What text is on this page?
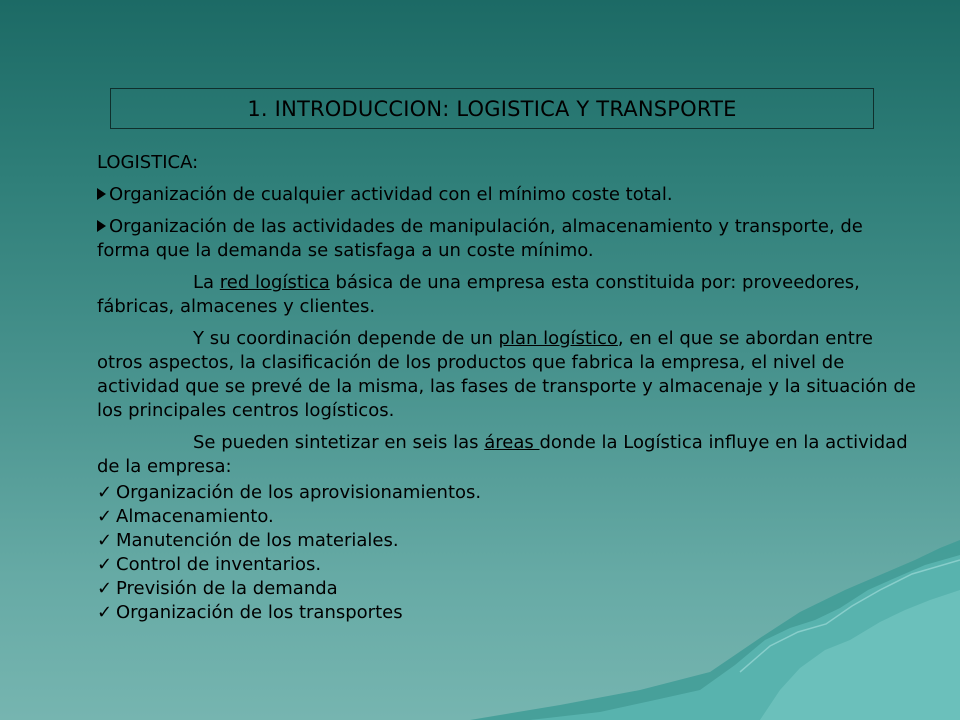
1. INTRODUCCION: LOGISTICA Y TRANSPORTE
LOGISTICA:
Organización de cualquier actividad con el mínimo coste total.
Organización de las actividades de manipulación, almacenamiento y transporte, de forma que la demanda se satisfaga a un coste mínimo.
La red logística básica de una empresa esta constituida por: proveedores, fábricas, almacenes y clientes.
Y su coordinación depende de un plan logístico, en el que se abordan entre otros aspectos, la clasificación de los productos que fabrica la empresa, el nivel de actividad que se prevé de la misma, las fases de transporte y almacenaje y la situación de los principales centros logísticos.
Se pueden sintetizar en seis las áreas donde la Logística influye en la actividad de la empresa:
✓ Organización de los aprovisionamientos.
✓ Almacenamiento.
✓ Manutención de los materiales.
✓ Control de inventarios.
✓ Previsión de la demanda
✓ Organización de los transportes
